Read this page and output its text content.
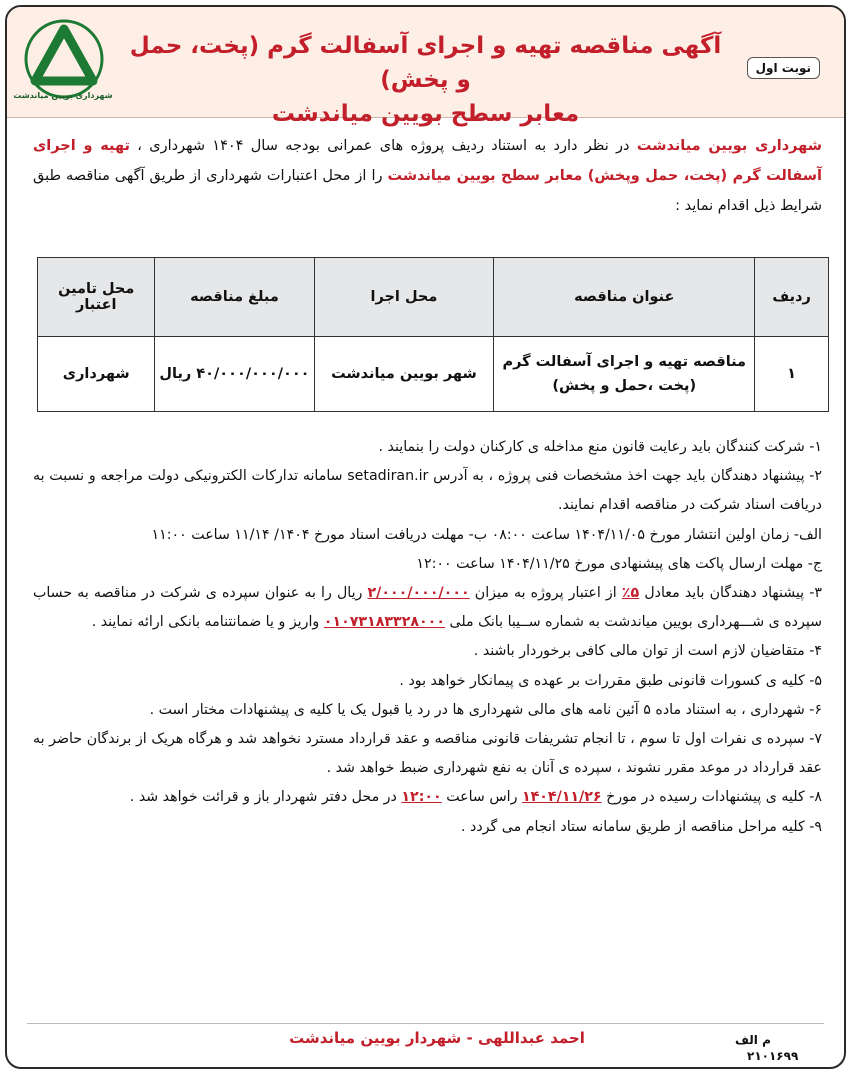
شهرداری بویین میاندشت
آگهی مناقصه تهیه و اجرای آسفالت گرم (پخت، حمل و پخش)
معابر سطح بویین میاندشت
نوبت اول
شهرداری بویین میاندشت در نظر دارد به استناد ردیف پروژه های عمرانی بودجه سال ۱۴۰۴ شهرداری ، تهیه و اجرای آسفالت گرم (پخت، حمل وپخش) معابر سطح بویین میاندشت را از محل اعتبارات شهرداری از طریق آگهی مناقصه طبق شرایط ذیل اقدام نماید :
ردیف	عنوان مناقصه	محل اجرا	مبلغ مناقصه	محل تامین اعتبار
۱	مناقصه تهیه و اجرای آسفالت گرم (پخت ،حمل و پخش)	شهر بویین میاندشت	۴۰/۰۰۰/۰۰۰/۰۰۰ ریال	شهرداری

۱- شرکت کنندگان باید رعایت قانون منع مداخله ی کارکنان دولت را بنمایند .

۲- پیشنهاد دهندگان باید جهت اخذ مشخصات فنی پروژه ، به آدرس setadiran.ir سامانه تدارکات الکترونیکی دولت مراجعه و نسبت به دریافت اسناد شرکت در مناقصه اقدام نمایند.

الف- زمان اولین انتشار مورخ ۱۴۰۴/۱۱/۰۵ ساعت ۰۸:۰۰ ب- مهلت دریافت اسناد مورخ ۱۴۰۴/ ۱۱/۱۴ ساعت ۱۱:۰۰

ج- مهلت ارسال پاکت های پیشنهادی مورخ ۱۴۰۴/۱۱/۲۵ ساعت ۱۲:۰۰

۳- پیشنهاد دهندگان باید معادل ۵٪ از اعتبار پروژه به میزان ۲/۰۰۰/۰۰۰/۰۰۰ ریال را به عنوان سپرده ی شرکت در مناقصه به حساب سپرده ی شـــهرداری بویین میاندشت به شماره ســیبا بانک ملی ۰۱۰۷۳۱۸۳۳۲۸۰۰۰ واریز و یا ضمانتنامه بانکی ارائه نمایند .

۴- متقاضیان لازم است از توان مالی کافی برخوردار باشند .

۵- کلیه ی کسورات قانونی طبق مقررات بر عهده ی پیمانکار خواهد بود .

۶- شهرداری ، به استناد ماده ۵ آئین نامه های مالی شهرداری ها در رد یا قبول یک یا کلیه ی پیشنهادات مختار است .

۷- سپرده ی نفرات اول تا سوم ، تا انجام تشریفات قانونی مناقصه و عقد قرارداد مسترد نخواهد شد و هرگاه هریک از برندگان حاضر به عقد قرارداد در موعد مقرر نشوند ، سپرده ی آنان به نفع شهرداری ضبط خواهد شد .

۸- کلیه ی پیشنهادات رسیده در مورخ ۱۴۰۴/۱۱/۲۶ راس ساعت ۱۲:۰۰ در محل دفتر شهردار باز و قرائت خواهد شد .

۹- کلیه مراحل مناقصه از طریق سامانه ستاد انجام می گردد .

احمد عبداللهی - شهردار بویین میاندشت	م الف
۲۱۰۱۶۹۹
